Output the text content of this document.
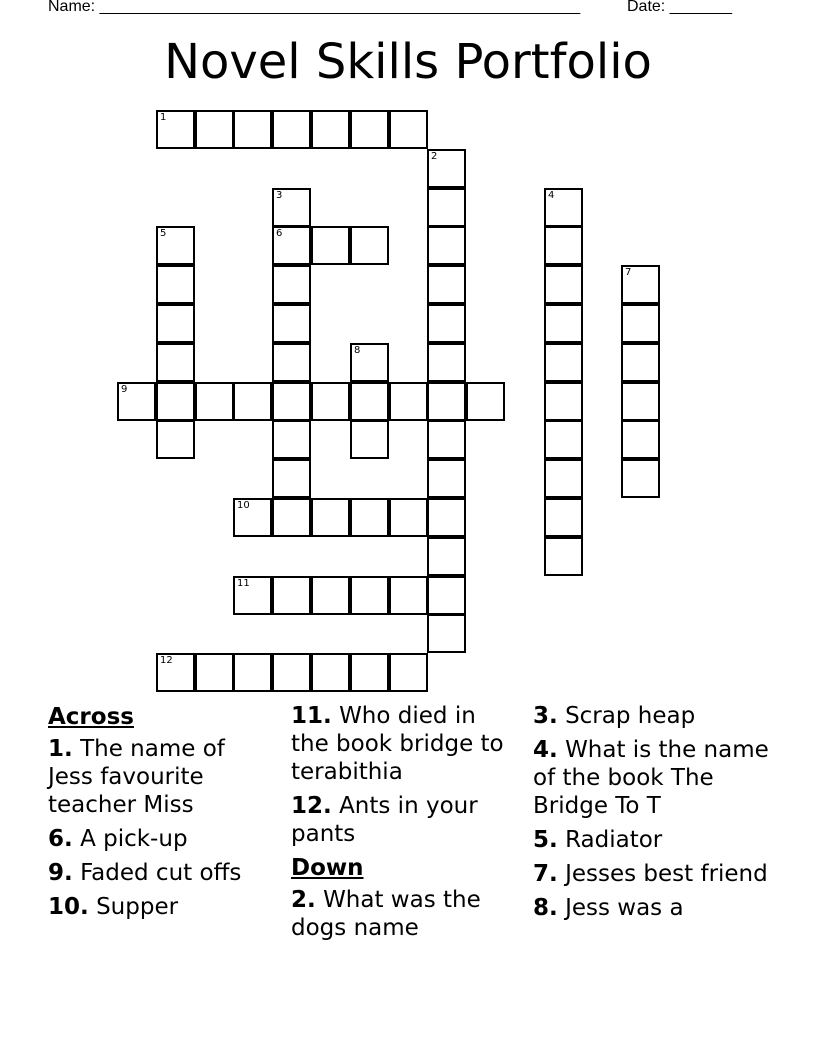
Name: ______________________________________________________	Date: _______
Novel Skills Portfolio
1
2
3
6
4
5
7
8
9
10
11
12
Across
1. The name of Jess favourite teacher Miss
6. A pick-up
9. Faded cut offs
10. Supper
11. Who died in the book bridge to terabithia
12. Ants in your pants
Down
2. What was the dogs name
3. Scrap heap
4. What is the name of the book The Bridge To T
5. Radiator
7. Jesses best friend
8. Jess was a
